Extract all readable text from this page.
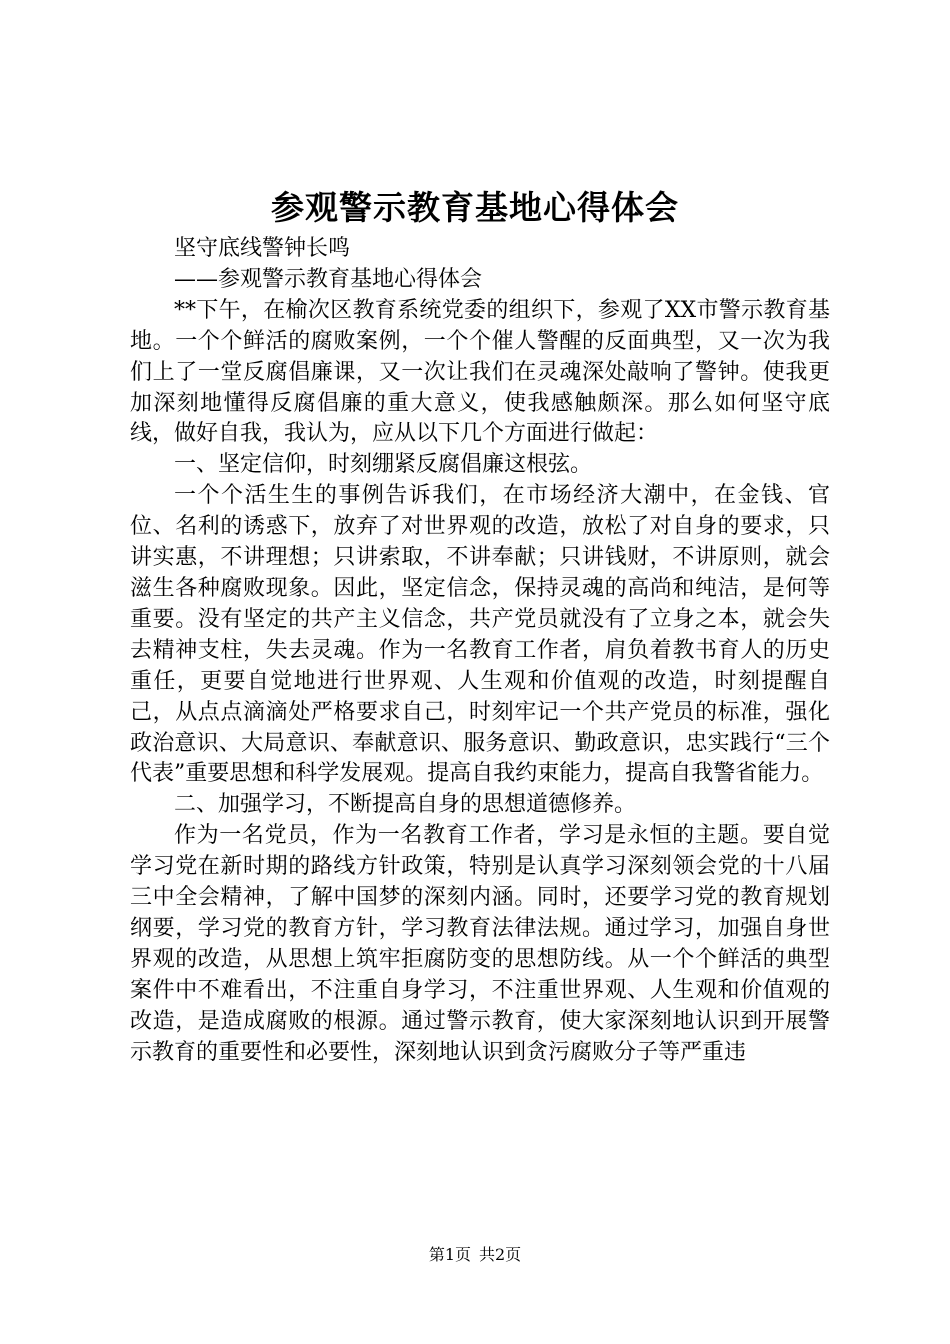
参观警示教育基地心得体会

坚守底线警钟长鸣

——参观警示教育基地心得体会

**下午，在榆次区教育系统党委的组织下，参观了XX市警示教育基地。一个个鲜活的腐败案例，一个个催人警醒的反面典型，又一次为我们上了一堂反腐倡廉课，又一次让我们在灵魂深处敲响了警钟。使我更加深刻地懂得反腐倡廉的重大意义，使我感触颇深。那么如何坚守底线，做好自我，我认为，应从以下几个方面进行做起：

一、坚定信仰，时刻绷紧反腐倡廉这根弦。

一个个活生生的事例告诉我们，在市场经济大潮中，在金钱、官位、名利的诱惑下，放弃了对世界观的改造，放松了对自身的要求，只讲实惠，不讲理想；只讲索取，不讲奉献；只讲钱财，不讲原则，就会滋生各种腐败现象。因此，坚定信念，保持灵魂的高尚和纯洁，是何等重要。没有坚定的共产主义信念，共产党员就没有了立身之本，就会失去精神支柱，失去灵魂。作为一名教育工作者，肩负着教书育人的历史重任，更要自觉地进行世界观、人生观和价值观的改造，时刻提醒自己，从点点滴滴处严格要求自己，时刻牢记一个共产党员的标准，强化政治意识、大局意识、奉献意识、服务意识、勤政意识，忠实践行“三个代表”重要思想和科学发展观。提高自我约束能力，提高自我警省能力。

二、加强学习，不断提高自身的思想道德修养。

作为一名党员，作为一名教育工作者，学习是永恒的主题。要自觉学习党在新时期的路线方针政策，特别是认真学习深刻领会党的十八届三中全会精神，了解中国梦的深刻内涵。同时，还要学习党的教育规划纲要，学习党的教育方针，学习教育法律法规。通过学习，加强自身世界观的改造，从思想上筑牢拒腐防变的思想防线。从一个个鲜活的典型案件中不难看出，不注重自身学习，不注重世界观、人生观和价值观的改造，是造成腐败的根源。通过警示教育，使大家深刻地认识到开展警示教育的重要性和必要性，深刻地认识到贪污腐败分子等严重违

第1页 共2页
